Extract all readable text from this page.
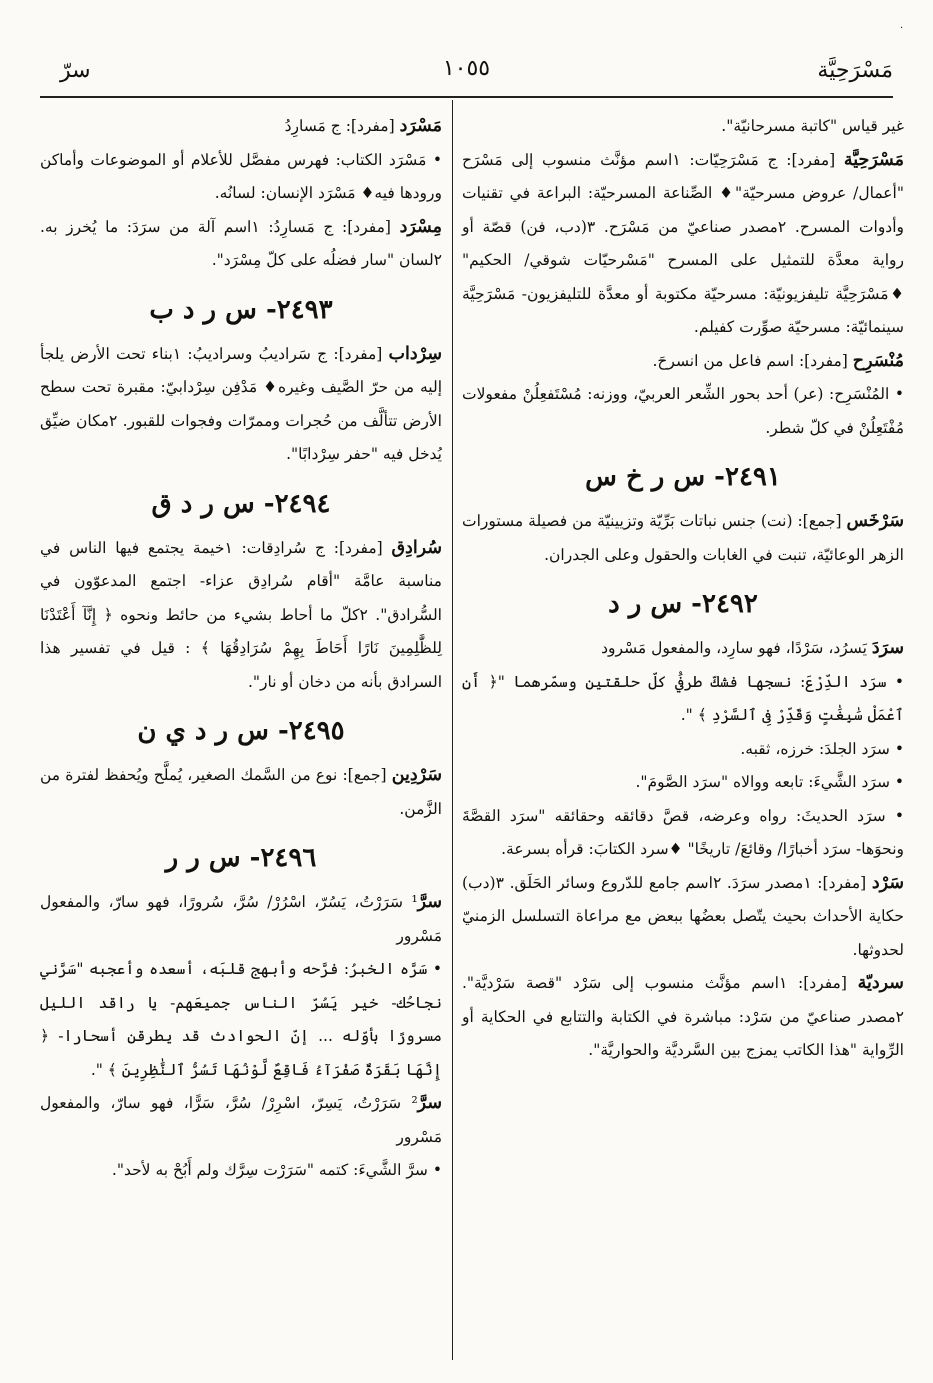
.
مَسْرَحِيَّة
١٠٥٥
سرّ

غير قياس "كاتبة مسرحانيّة".

مَسْرَحِيَّة [مفرد]: ج مَسْرَحِيّات: ١اسم مؤنَّث منسوب إلى مَسْرَح "أعمال/ عروض مسرحيّة"♦ الصِّناعة المسرحيّة: البراعة في تقنيات وأدوات المسرح. ٢مصدر صناعيّ من مَسْرَح. ٣(دب، فن) قصّة أو رواية معدَّة للتمثيل على المسرح "مَسْرحيّات شوقي/ الحكيم" ♦مَسْرَحِيَّة تليفزيونيّة: مسرحيّة مكتوبة أو معدَّة للتليفزيون- مَسْرَحِيَّة سينمائيّة: مسرحيّة صوِّرت كفيلم.

مُنْسَرِح [مفرد]: اسم فاعل من انسرحَ.

• المُنْسَرِح: (عر) أحد بحور الشِّعر العربيّ، ووزنه: مُسْتَفعِلُنْ مفعولات مُفْتَعِلُنْ في كلّ شطر.

٢٤٩١- س ر خ س

سَرْخَس [جمع]: (نت) جنس نباتات بَرِّيّة وتزيينيّة من فصيلة مستورات الزهر الوعائيّة، تنبت في الغابات والحقول وعلى الجدران.

٢٤٩٢- س ر د

سرَدَ يَسرُد، سَرْدًا، فهو سارِد، والمفعول مَسْرود

• سرَد الدِّرْعَ: نسجها فشكّ طرفَيْ كلّ حلقتين وسمّرهما "﴿ أَنِ ٱعْمَلْ سَٰبِغَٰتٍ وَقَدِّرْ فِى ٱلسَّرْدِ ﴾ ".

• سرَد الجلدَ: خرزه، ثقبه.

• سرَد الشَّيءَ: تابعه ووالاه "سرَد الصَّومَ".

• سرَد الحديثَ: رواه وعرضه، قصَّ دقائقه وحقائقه "سرَد القصَّةَ ونحوَها- سرَد أخبارًا/ وقائعَ/ تاريخًا" ♦سرد الكتابَ: قرأه بسرعة.

سَرْد [مفرد]: ١مصدر سرَدَ. ٢اسم جامع للدّروع وسائر الحَلَق. ٣(دب) حكاية الأحداث بحيث يتّصل بعضُها ببعض مع مراعاة التسلسل الزمنيّ لحدوثها.

سرديّة [مفرد]: ١اسم مؤنَّث منسوب إلى سَرْد "قصة سَرْديَّة". ٢مصدر صناعيّ من سَرْد: مباشرة في الكتابة والتتابع في الحكاية أو الرِّواية "هذا الكاتب يمزج بين السَّرديَّة والحواريَّة".

مَسْرَد [مفرد]: ج مَسارِدُ

• مَسْرَد الكتاب: فهرس مفصَّل للأعلام أو الموضوعات وأماكن ورودها فيه♦ مَسْرَد الإنسان: لسانُه.

مِسْرَد [مفرد]: ج مَسارِدُ: ١اسم آلة من سرَدَ: ما يُخرز به. ٢لسان "سار فضلُه على كلّ مِسْرَد".

٢٤٩٣- س ر د ب

سِرْداب [مفرد]: ج سَراديبُ وسراديبُ: ١بناء تحت الأرض يلجأ إليه من حرّ الصَّيف وغيره♦ مَدْفِن سِرْدابيّ: مقبرة تحت سطح الأرض تتألَّف من حُجرات وممرّات وفجوات للقبور. ٢مكان ضيِّق يُدخل فيه "حفر سِرْدابًا".

٢٤٩٤- س ر د ق

سُرادِق [مفرد]: ج سُرادِقات: ١خيمة يجتمع فيها الناس في مناسبة عامَّة "أقام سُرادِق عزاء- اجتمع المدعوّون في السُّرادق". ٢كلّ ما أحاط بشيء من حائط ونحوه ﴿ إِنَّآ أَعْتَدْنَا لِلظَّٰلِمِينَ نَارًا أَحَاطَ بِهِمْ سُرَادِقُهَا ﴾ : قيل في تفسير هذا السرادق بأنه من دخان أو نار".

٢٤٩٥- س ر د ي ن

سَرْدِين [جمع]: نوع من السَّمك الصغير، يُملَّح ويُحفظ لفترة من الزَّمن.

٢٤٩٦- س ر ر

سرَّ¹ سَرَرْتُ، يَسُرّ، اسْرُرْ/ سُرَّ، سُرورًا، فهو سارّ، والمفعول مَسْرور

• سَرَّه الخبرُ: فرَّحه وأبهج قلبَه، أسعده وأعجبه "سَرَّني نجاحُك- خير يَسُرّ الناس جميعَهم- يا راقد الليل مسرورًا بأوّله ... إنّ الحوادث قد يطرقن أسحارا- ﴿ إِنَّهَا بَقَرَةٌ صَفْرَآءُ فَاقِعٌ لَّوْنُهَا تَسُرُّ ٱلنَّٰظِرِينَ ﴾ ".

سرَّ² سَرَرْتُ، يَسِرّ، اسْرِرْ/ سُرَّ، سَرًّا، فهو سارّ، والمفعول مَسْرور

• سرَّ الشَّيءَ: كتمه "سَرَرْت سِرَّك ولم أَبُحْ به لأحد".
